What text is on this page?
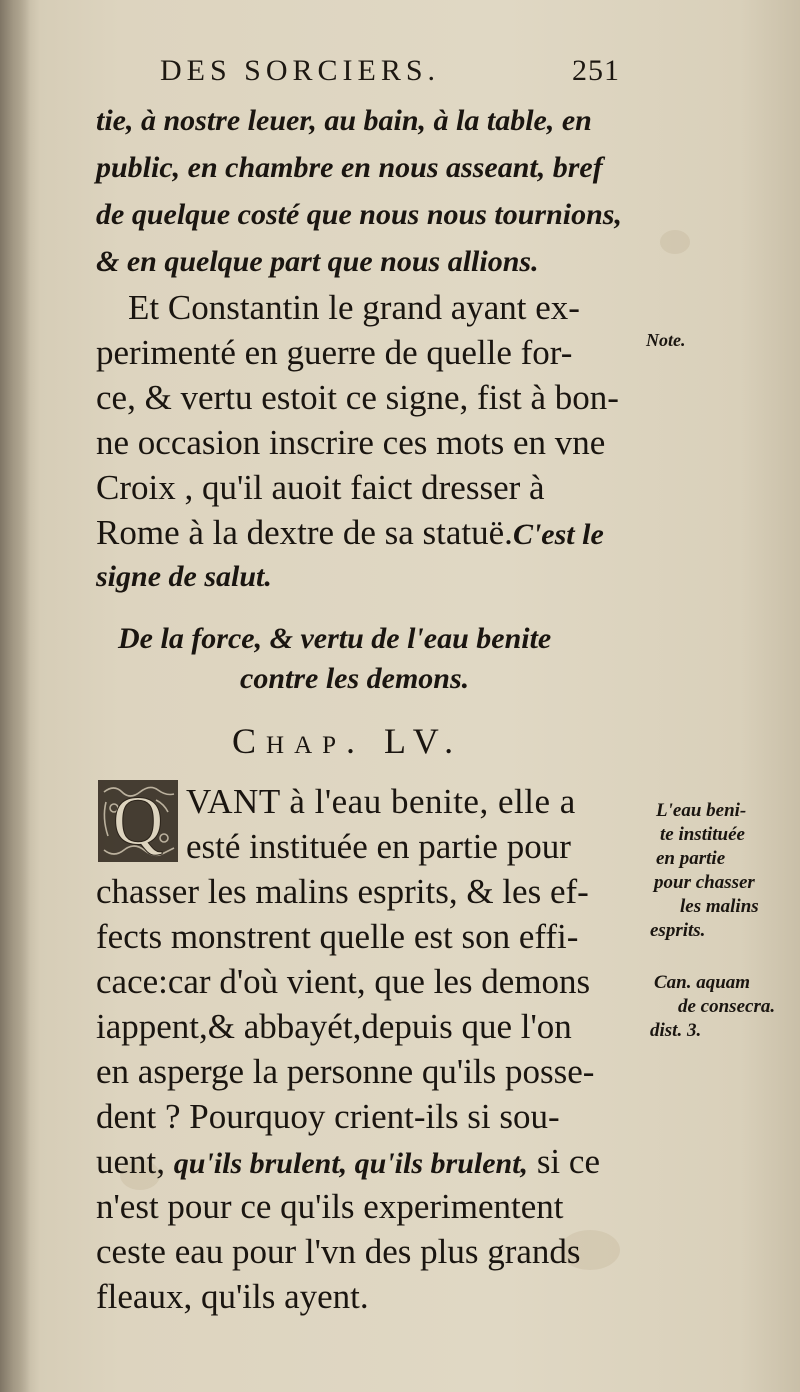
DES SORCIERS.	251
tie, à nostre leuer, au bain, à la table, en
public, en chambre en nous asseant, bref
de quelque costé que nous nous tournions,
& en quelque part que nous allions.
Et Constantin le grand ayant ex-
perimenté en guerre de quelle for-
ce, & vertu estoit ce signe, fist à bon-
ne occasion inscrire ces mots en vne
Croix , qu'il auoit faict dresser à
Rome à la dextre de sa statuë.C'est le
signe de salut.
De la force, & vertu de l'eau benite
contre les demons.
Chap. LV.
Q VANT à l'eau benite, elle a
esté instituée en partie pour
chasser les malins esprits, & les ef-
fects monstrent quelle est son effi-
cace:car d'où vient, que les demons
iappent,& abbayét,depuis que l'on
en asperge la personne qu'ils posse-
dent ? Pourquoy crient-ils si sou-
uent, qu'ils brulent, qu'ils brulent, si ce
n'est pour ce qu'ils experimentent
ceste eau pour l'vn des plus grands
fleaux, qu'ils ayent.
Note.
L'eau beni-
te instituée
en partie
pour chasser
les malins
esprits.
Can. aquam
de consecra.
dist. 3.
